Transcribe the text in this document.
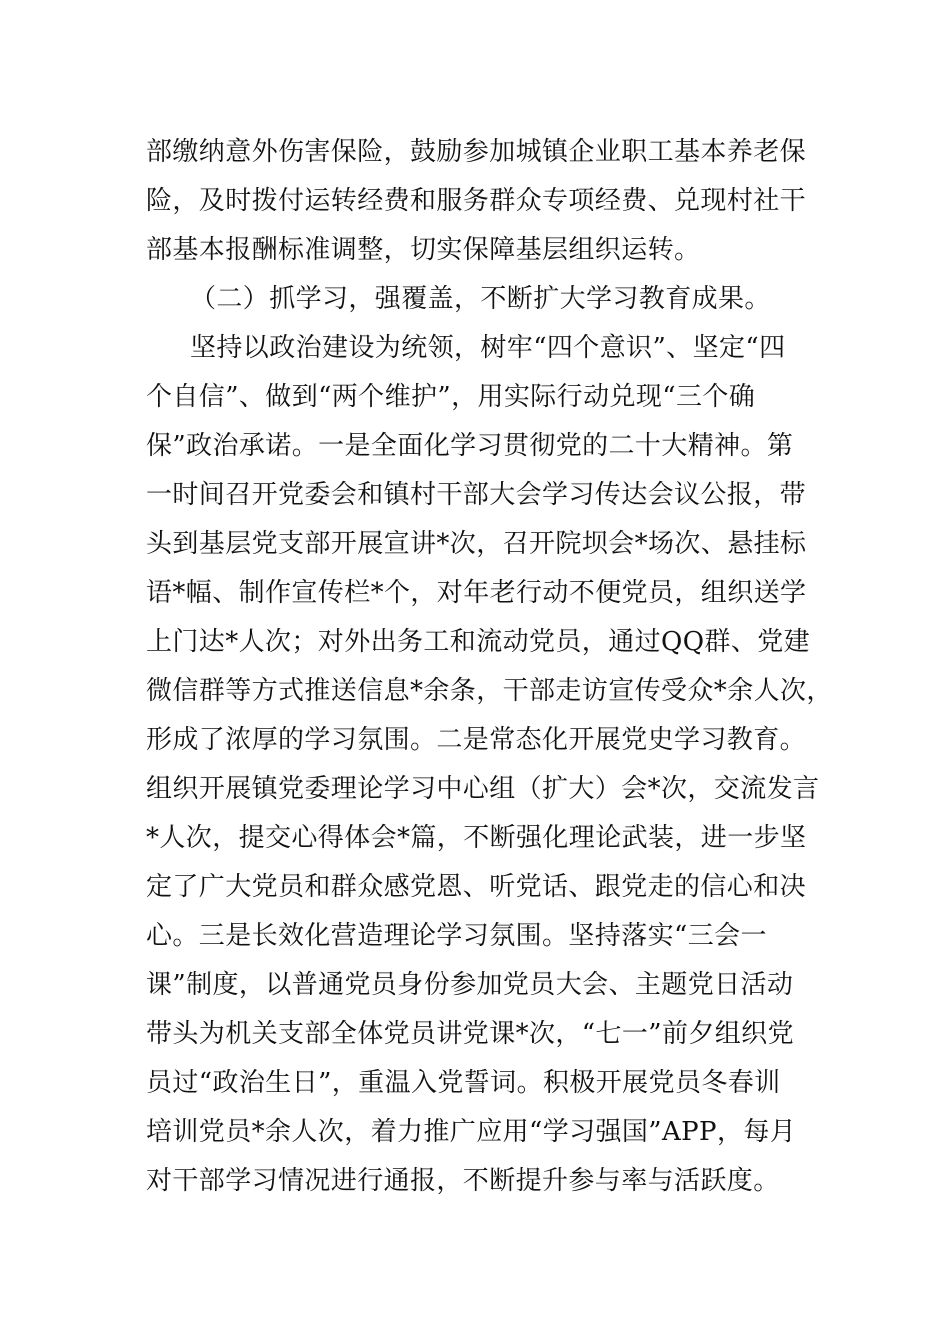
部缴纳意外伤害保险，鼓励参加城镇企业职工基本养老保
险，及时拨付运转经费和服务群众专项经费、兑现村社干
部基本报酬标准调整，切实保障基层组织运转。
（二）抓学习，强覆盖，不断扩大学习教育成果。
坚持以政治建设为统领，树牢“四个意识”、坚定“四
个自信”、做到“两个维护”，用实际行动兑现“三个确
保”政治承诺。一是全面化学习贯彻党的二十大精神。第
一时间召开党委会和镇村干部大会学习传达会议公报，带
头到基层党支部开展宣讲*次，召开院坝会*场次、悬挂标
语*幅、制作宣传栏*个，对年老行动不便党员，组织送学
上门达*人次；对外出务工和流动党员，通过QQ群、党建
微信群等方式推送信息*余条，干部走访宣传受众*余人次，
形成了浓厚的学习氛围。二是常态化开展党史学习教育。
组织开展镇党委理论学习中心组（扩大）会*次，交流发言
*人次，提交心得体会*篇，不断强化理论武装，进一步坚
定了广大党员和群众感党恩、听党话、跟党走的信心和决
心。三是长效化营造理论学习氛围。坚持落实“三会一
课”制度，以普通党员身份参加党员大会、主题党日活动
带头为机关支部全体党员讲党课*次，“七一”前夕组织党
员过“政治生日”，重温入党誓词。积极开展党员冬春训
培训党员*余人次，着力推广应用“学习强国”APP，每月
对干部学习情况进行通报，不断提升参与率与活跃度。
